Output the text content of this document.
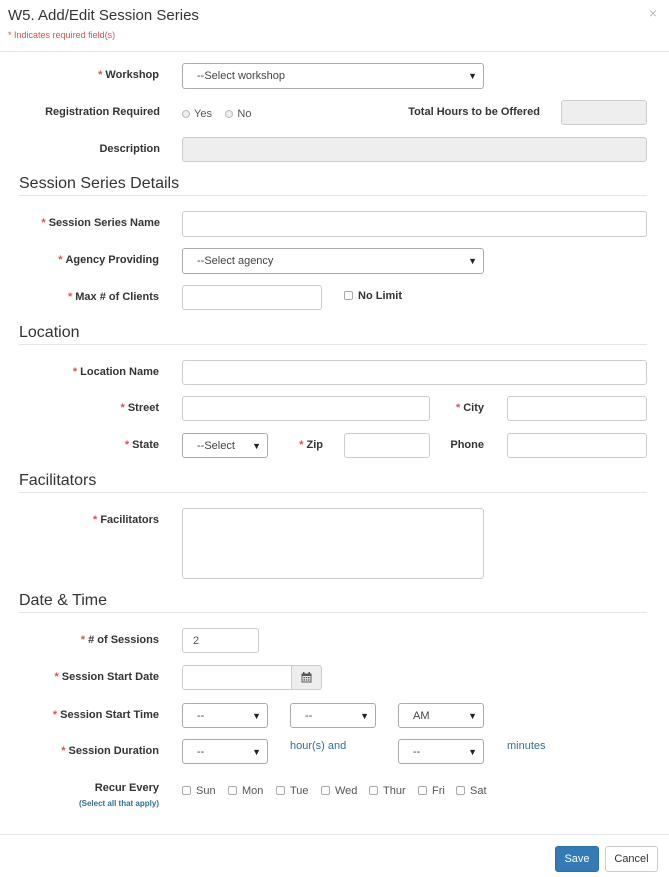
W5. Add/Edit Session Series	×
* Indicates required field(s)
* Workshop	--Select workshop	▼
Registration Required	Yes No	Total Hours to be Offered
Description
Session Series Details
* Session Series Name
* Agency Providing	--Select agency	▼
* Max # of Clients	No Limit
Location
* Location Name
* Street	* City
* State	--Select ▼	* Zip	Phone
Facilitators
* Facilitators
Date & Time
* # of Sessions	2
* Session Start Date
* Session Start Time	--	▼	--	▼	AM	▼
* Session Duration	--	▼	hour(s) and	--	▼	minutes
Recur Every
(Select all that apply)
Sun	Mon	Tue	Wed	Thur	Fri	Sat
Save	Cancel
